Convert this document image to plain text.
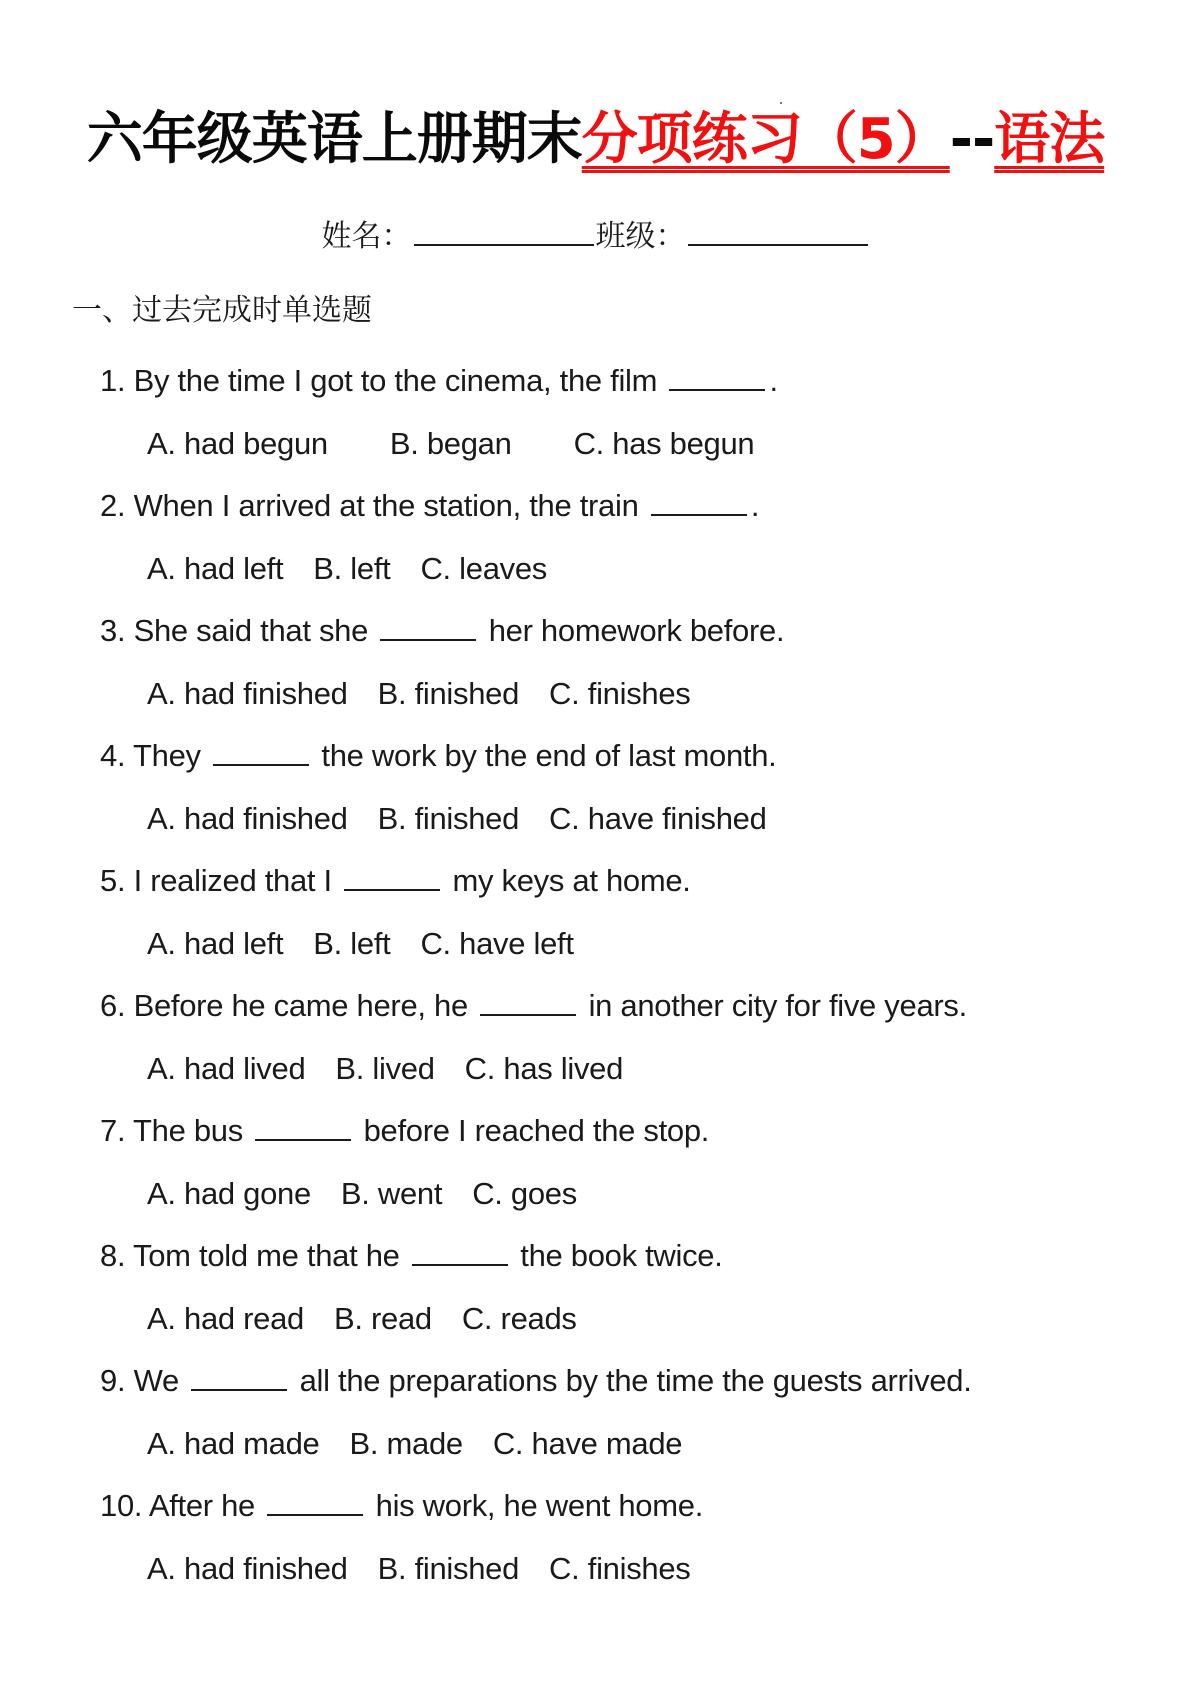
六年级英语上册期末分项练习（5）--语法
姓名：	班级：
一、过去完成时单选题
1. By the time I got to the cinema, the film	.
A. had begun B. began C. has begun
2. When I arrived at the station, the train	.
A. had left B. left C. leaves
3. She said that she	her homework before.
A. had finished B. finished C. finishes
4. They	the work by the end of last month.
A. had finished B. finished C. have finished
5. I realized that I	my keys at home.
A. had left B. left C. have left
6. Before he came here, he	in another city for five years.
A. had lived B. lived C. has lived
7. The bus	before I reached the stop.
A. had gone B. went C. goes
8. Tom told me that he	the book twice.
A. had read B. read C. reads
9. We	all the preparations by the time the guests arrived.
A. had made B. made C. have made
10. After he	his work, he went home.
A. had finished B. finished C. finishes
